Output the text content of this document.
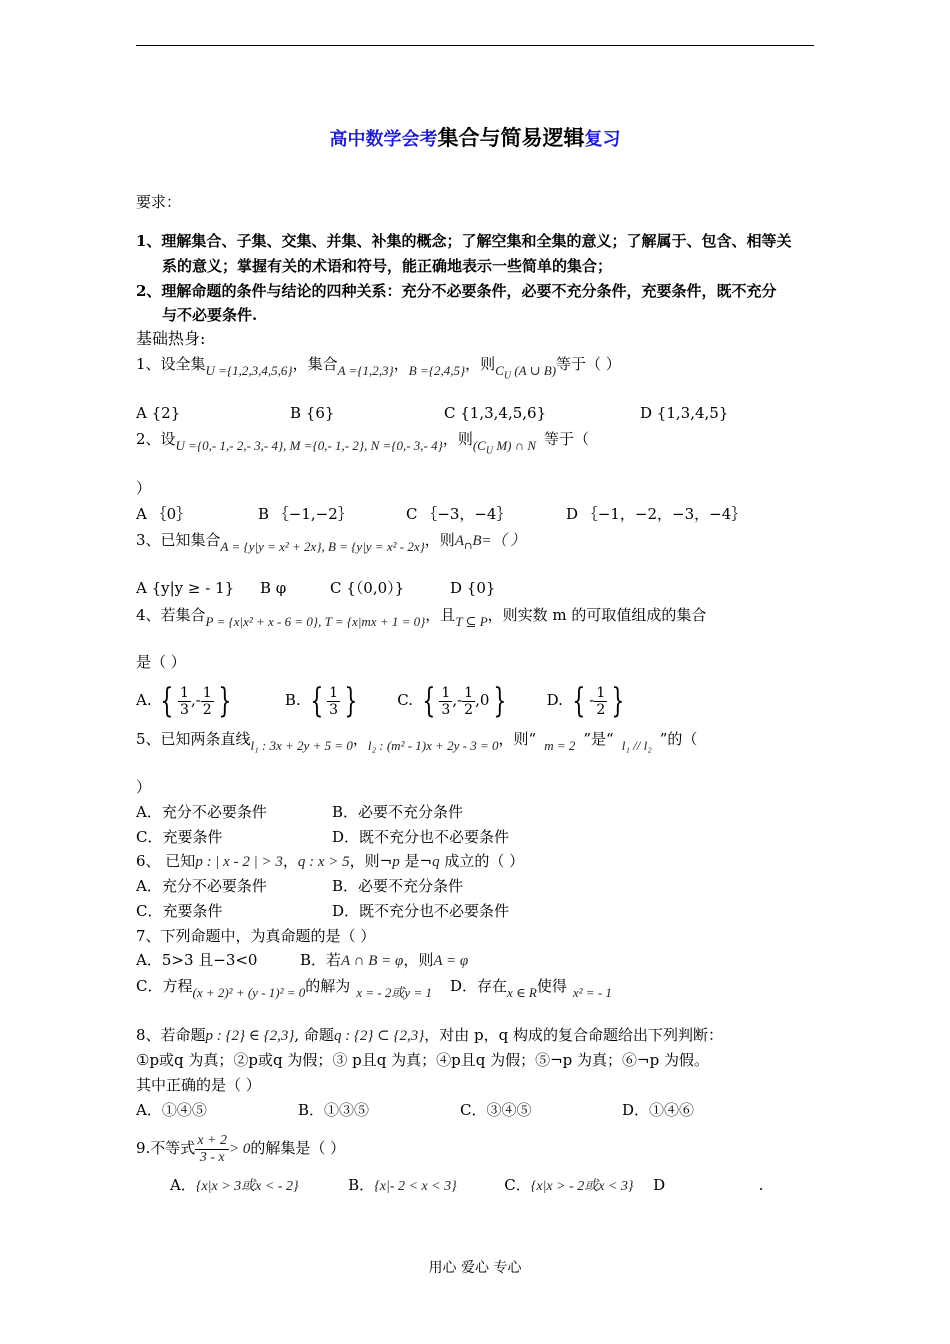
高中数学会考集合与简易逻辑复习
要求：
1、理解集合、子集、交集、并集、补集的概念；了解空集和全集的意义；了解属于、包含、相等关
系的意义；掌握有关的术语和符号，能正确地表示一些简单的集合；
2、理解命题的条件与结论的四种关系：充分不必要条件，必要不充分条件，充要条件，既不充分
与不必要条件.
基础热身:
1、设全集U ={1,2,3,4,5,6}，集合A ={1,2,3}，B ={2,4,5}，则$C_U$ (A ∪ B)等于（ ）
A {2}	B {6}	C {1,3,4,5,6}	D {1,3,4,5}
2、设U ={0,- 1,- 2,- 3,- 4}, M ={0,- 1,- 2}, N ={0,- 3,- 4}，则($C_U$ M) ∩ N 等于（
）
A ｛0｝	B ｛−1,−2｝	C ｛−3，−4｝	D ｛−1，−2，−3，−4｝
3、已知集合A = {y|y = x² + 2x}, B = {y|y = x² - 2x}，则$A_\cap B=$（ ）
A {y|y ≥ - 1} B φ	C {（0,0）}	D {0}
4、若集合P = {x|x² + x - 6 = 0}, T = {x|mx + 1 = 0}，且T ⊆ P，则实数 m 的可取值组成的集合
是（ ）
A. { $\frac{1}{3}$ ,- $\frac{1}{2}$ }	B. { $\frac{1}{3}$ }	C. { $\frac{1}{3}$ ,- $\frac{1}{2} ,0$ }	D. { - $\frac{1}{2}$ }
5、已知两条直线l₁ : 3x + 2y + 5 = 0，l₂ : (m² - 1)x + 2y - 3 = 0，则“ m = 2 ”是“ l₁ // l₂ ”的（
）
A．充分不必要条件	B．必要不充分条件
C．充要条件	D．既不充分也不必要条件
6、 已知p : | x - 2 | > 3，q : x > 5，则¬p 是¬q 成立的（ ）
A．充分不必要条件	B．必要不充分条件
C．充要条件	D．既不充分也不必要条件
7、下列命题中，为真命题的是（ ）
A．5>3 且−3<0	B．若A ∩ B = φ，则A = φ
C．方程(x + 2)² + (y - 1)² = 0的解为 x = - 2或y = 1 D．存在x ∈ R使得 x² = - 1
8、若命题p : {2} ∈ {2,3}, 命题q : {2} ⊂ {2,3}，对由 p，q 构成的复合命题给出下列判断：
①p或q 为真；②p或q 为假；③ p且q 为真；④p且q 为假；⑤¬p 为真；⑥¬p 为假。
其中正确的是（ ）
A．①④⑤	B．①③⑤	C．③④⑤	D．①④⑥
9.不等式 $\frac{x + 2}{3 - x} > 0$的解集是（ ）
A．{x|x > 3或x < - 2}	B．{x|- 2 < x < 3}	C．{x|x > - 2或x < 3} D	.
用心 爱心 专心
